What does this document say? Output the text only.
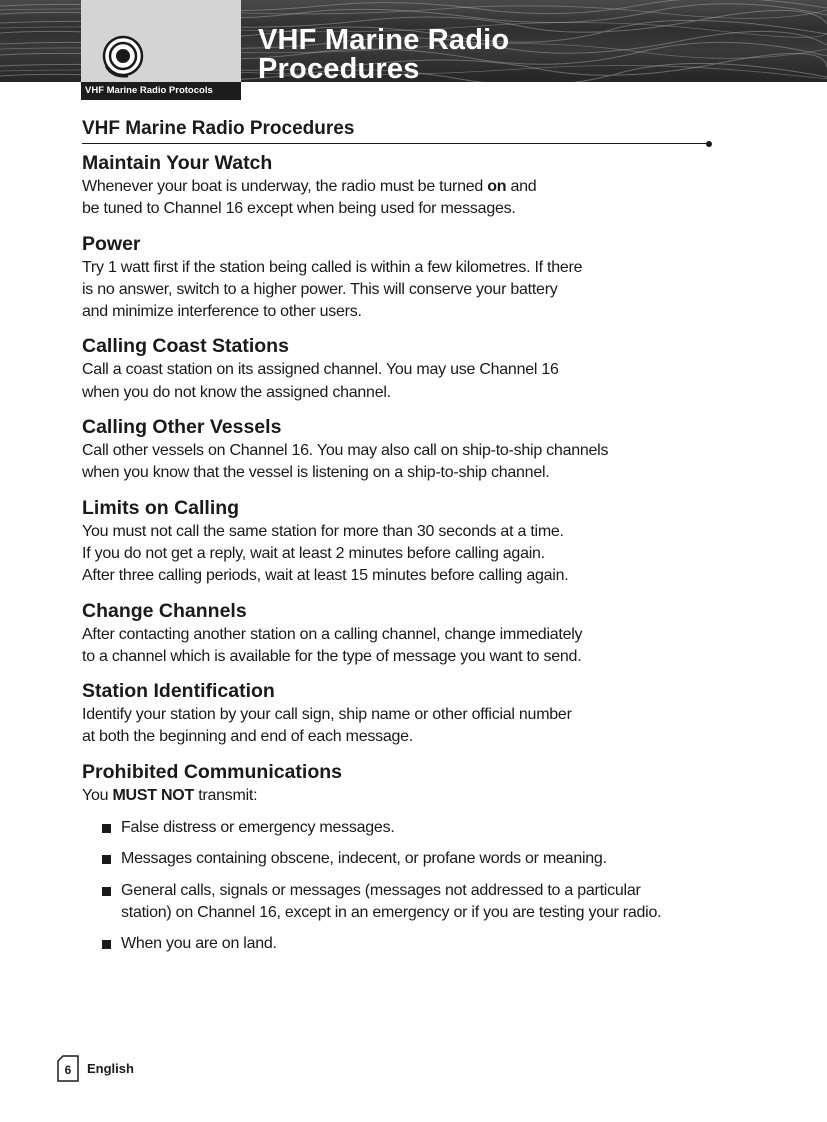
VHF Marine Radio
Procedures
VHF Marine Radio Protocols
VHF Marine Radio Procedures
Maintain Your Watch

Whenever your boat is underway, the radio must be turned on and
be tuned to Channel 16 except when being used for messages.

Power

Try 1 watt first if the station being called is within a few kilometres. If there
is no answer, switch to a higher power. This will conserve your battery
and minimize interference to other users.

Calling Coast Stations

Call a coast station on its assigned channel. You may use Channel 16
when you do not know the assigned channel.

Calling Other Vessels

Call other vessels on Channel 16. You may also call on ship-to-ship channels
when you know that the vessel is listening on a ship-to-ship channel.

Limits on Calling

You must not call the same station for more than 30 seconds at a time.
If you do not get a reply, wait at least 2 minutes before calling again.
After three calling periods, wait at least 15 minutes before calling again.

Change Channels

After contacting another station on a calling channel, change immediately
to a channel which is available for the type of message you want to send.

Station Identification

Identify your station by your call sign, ship name or other official number
at both the beginning and end of each message.

Prohibited Communications

You MUST NOT transmit:

False distress or emergency messages.
Messages containing obscene, indecent, or profane words or meaning.
General calls, signals or messages (messages not addressed to a particular
station) on Channel 16, except in an emergency or if you are testing your radio.
When you are on land.
6	English
